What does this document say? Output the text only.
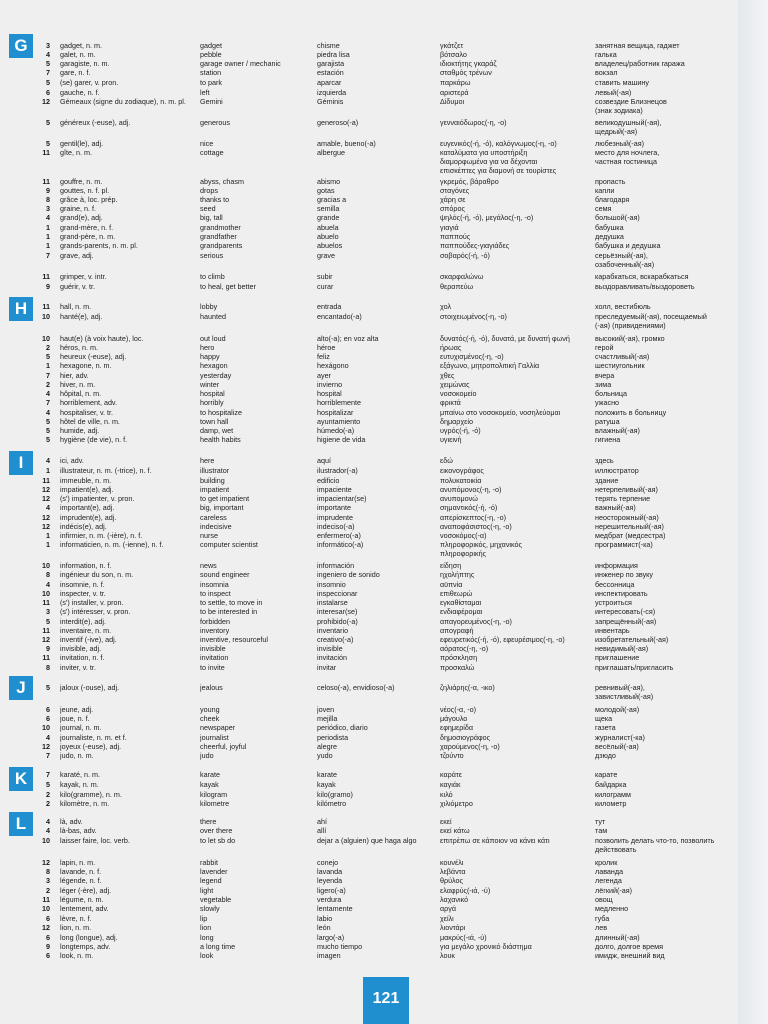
G
H
I
J
K
L
3 gadget, n. m.	gadget	chisme	γκάτζετ	занятная вещица, гаджет
4 galet, n. m.	pebble	piedra lisa	βότσαλο	галька
5 garagiste, n. m.	garage owner / mechanic	garajista	ιδιοκτήτης γκαράζ	владелец/работник гаража
7 gare, n. f.	station	estación	σταθμός τρένων	вокзал
5 (se) garer, v. pron.	to park	aparcar	παρκάρω	ставить машину
6 gauche, n. f.	left	izquierda	αριστερά	левый(-ая)
12 Gémeaux (signe du zodiaque), n. m. pl.	Gemini	Géminis	Δίδυμοι	созвездие Близнецов
(знак зодиака)
5 généreux (-euse), adj.	generous	generoso(-a)	γενναιόδωρος(-η, -ο)	великодушный(-ая),
щедрый(-ая)
5 gentil(le), adj.	nice	amable, bueno(-a)	ευγενικός(-ή, -ό), καλόγνωμος(-η, -ο)	любезный(-ая)
11 gîte, n. m.	cottage	albergue	καταλύματα για υποστήριξη	место для ночлега,
διαμορφωμένα για να δέχονται	частная гостиница
επισκέπτες για διαμονή σε τουρίστες
11 gouffre, n. m.	abyss, chasm	abismo	γκρεμός, βάραθρο	пропасть
9 gouttes, n. f. pl.	drops	gotas	σταγόνες	капли
8 grâce à, loc. prép.	thanks to	gracias a	χάρη σε	благодаря
3 graine, n. f.	seed	semilla	σπόρος	семя
4 grand(e), adj.	big, tall	grande	ψηλός(-ή, -ό), μεγάλος(-η, -ο)	большой(-ая)
1 grand-mère, n. f.	grandmother	abuela	γιαγιά	бабушка
1 grand-père, n. m.	grandfather	abuelo	παππούς	дедушка
1 grands-parents, n. m. pl.	grandparents	abuelos	παππούδες-γιαγιάδες	бабушка и дедушка
7 grave, adj.	serious	grave	σοβαρός(-ή, -ό)	серьёзный(-ая),
озабоченный(-ая)
11 grimper, v. intr.	to climb	subir	σκαρφαλώνω	карабкаться, вскарабкаться
9 guérir, v. tr.	to heal, get better	curar	θεραπεύω	выздоравливать/выздороветь
11 hall, n. m.	lobby	entrada	χολ	холл, вестибюль
10 hanté(e), adj.	haunted	encantado(-a)	στοιχειωμένος(-η, -ο)	преследуемый(-ая), посещаемый
(-ая) (привидениями)
10 haut(e) (à voix haute), loc.	out loud	alto(-a); en voz alta	δυνατός(-ή, -ό), δυνατά, με δυνατή φωνή	высокий(-ая), громко
2 héros, n. m.	hero	héroe	ήρωας	герой
5 heureux (-euse), adj.	happy	feliz	ευτυχισμένος(-η, -ο)	счастливый(-ая)
1 hexagone, n. m.	hexagon	hexágono	εξάγωνο, μητροπολιτική Γαλλία	шестиугольник
7 hier, adv.	yesterday	ayer	χθες	вчера
2 hiver, n. m.	winter	invierno	χειμώνας	зима
4 hôpital, n. m.	hospital	hospital	νοσοκομείο	больница
7 horriblement, adv.	horribly	horriblemente	φρικτά	ужасно
4 hospitaliser, v. tr.	to hospitalize	hospitalizar	μπαίνω στο νοσοκομείο, νοσηλεύομαι	положить в больницу
5 hôtel de ville, n. m.	town hall	ayuntamiento	δημαρχείο	ратуша
5 humide, adj.	damp, wet	húmedo(-a)	υγρός(-ή, -ό)	влажный(-ая)
5 hygiène (de vie), n. f.	health habits	higiene de vida	υγιεινή	гигиена
4 ici, adv.	here	aquí	εδώ	здесь
1 illustrateur, n. m. (-trice), n. f.	illustrator	ilustrador(-a)	εικονογράφος	иллюстратор
11 immeuble, n. m.	building	edificio	πολυκατοικία	здание
12 impatient(e), adj.	impatient	impaciente	ανυπόμονος(-η, -ο)	нетерпеливый(-ая)
12 (s') impatienter, v. pron.	to get impatient	impacientar(se)	ανυπομονώ	терять терпение
4 important(e), adj.	big, important	importante	σημαντικός(-ή, -ό)	важный(-ая)
12 imprudent(e), adj.	careless	imprudente	απερίσκεπτος(-η, -ο)	неосторожный(-ая)
12 indécis(e), adj.	indecisive	indeciso(-a)	αναποφάσιστος(-η, -ο)	нерешительный(-ая)
1 infirmier, n. m. (-ière), n. f.	nurse	enfermero(-a)	νοσοκόμος(-α)	медбрат (медсестра)
1 informaticien, n. m. (-ienne), n. f.	computer scientist	informático(-a)	πληροφορικός, μηχανικός	программист(-ка)
πληροφορικής
10 information, n. f.	news	información	είδηση	информация
8 ingénieur du son, n. m.	sound engineer	ingeniero de sonido	ηχολήπτης	инженер по звуку
4 insomnie, n. f.	insomnia	insomnio	αϋπνία	бессонница
10 inspecter, v. tr.	to inspect	inspeccionar	επιθεωρώ	инспектировать
11 (s') installer, v. pron.	to settle, to move in	instalarse	εγκαθίσταμαι	устроиться
3 (s') intéresser, v. pron.	to be interested in	interesar(se)	ενδιαφέρομαι	интересовать(-ся)
5 interdit(e), adj.	forbidden	prohibido(-a)	απαγορευμένος(-η, -ο)	запрещённый(-ая)
11 inventaire, n. m.	inventory	inventario	απογραφή	инвентарь
12 inventif (-ive), adj.	inventive, resourceful	creativo(-a)	εφευρετικός(-ή, -ό), εφευρέσιμος(-η, -ο)	изобретательный(-ая)
9 invisible, adj.	invisible	invisible	αόρατος(-η, -ο)	невидимый(-ая)
11 invitation, n. f.	invitation	invitación	πρόσκληση	приглашение
8 inviter, v. tr.	to invite	invitar	προσκαλώ	приглашать/пригласить
5 jaloux (-ouse), adj.	jealous	celoso(-a), envidioso(-a)	ζηλιάρης(-α, -ικο)	ревнивый(-ая),
завистливый(-ая)
6 jeune, adj.	young	joven	νέος(-α, -ο)	молодой(-ая)
6 joue, n. f.	cheek	mejilla	μάγουλο	щека
10 journal, n. m.	newspaper	periódico, diario	εφημερίδα	газета
4 journaliste, n. m. et f.	journalist	periodista	δημοσιογράφος	журналист(-ка)
12 joyeux (-euse), adj.	cheerful, joyful	alegre	χαρούμενος(-η, -ο)	весёлый(-ая)
7 judo, n. m.	judo	yudo	τζούντο	дзюдо
7 karaté, n. m.	karate	karate	καράτε	карате
5 kayak, n. m.	kayak	kayak	καγιάκ	байдарка
2 kilo(gramme), n. m.	kilogram	kilo(gramo)	κιλό	килограмм
2 kilomètre, n. m.	kilometre	kilómetro	χιλιόμετρο	километр
4 là, adv.	there	ahí	εκεί	тут
4 là-bas, adv.	over there	allí	εκεί κάτω	там
10 laisser faire, loc. verb.	to let sb do	dejar a (alguien) que haga algo	επιτρέπω σε κάποιον να κάνει κάτι	позволить делать что-то, позволить
действовать
12 lapin, n. m.	rabbit	conejo	κουνέλι	кролик
8 lavande, n. f.	lavender	lavanda	λεβάντα	лаванда
3 légende, n. f.	legend	leyenda	θρύλος	легенда
2 léger (-ère), adj.	light	ligero(-a)	ελαφρύς(-ιά, -ύ)	лёгкий(-ая)
11 légume, n. m.	vegetable	verdura	λαχανικό	овощ
10 lentement, adv.	slowly	lentamente	αργά	медленно
6 lèvre, n. f.	lip	labio	χείλι	губа
12 lion, n. m.	lion	león	λιοντάρι	лев
6 long (longue), adj.	long	largo(-a)	μακρύς(-ιά, -ύ)	длинный(-ая)
9 longtemps, adv.	a long time	mucho tiempo	για μεγάλο χρονικό διάστημα	долго, долгое время
6 look, n. m.	look	imagen	λουκ	имидж, внешний вид
121
